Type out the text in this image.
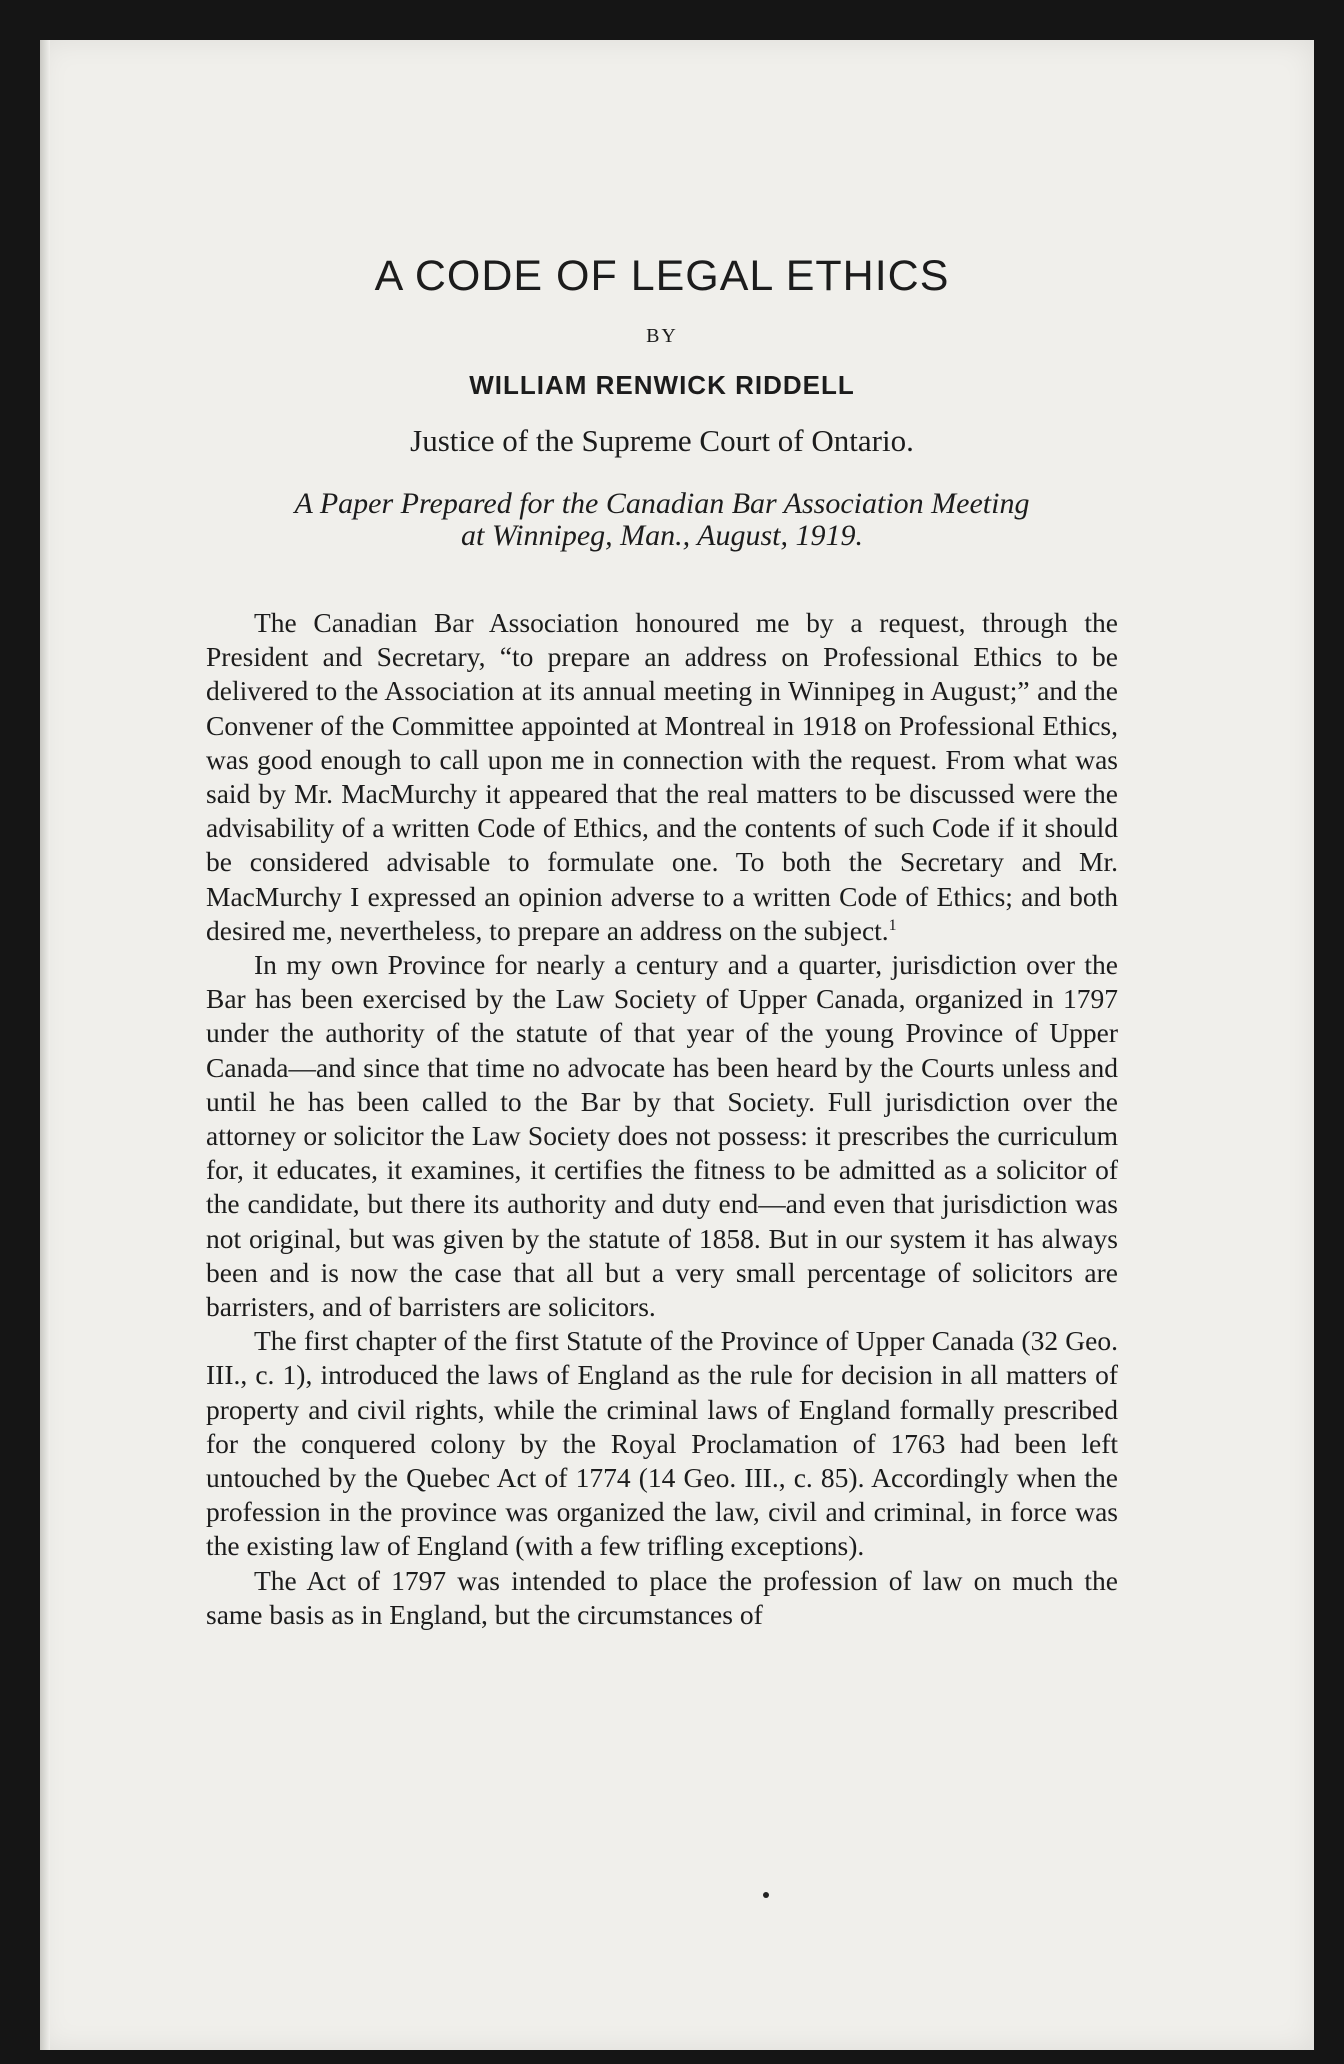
A CODE OF LEGAL ETHICS
BY
WILLIAM RENWICK RIDDELL
Justice of the Supreme Court of Ontario.
A Paper Prepared for the Canadian Bar Association Meeting
at Winnipeg, Man., August, 1919.

The Canadian Bar Association honoured me by a request, through the President and Secretary, “to prepare an address on Professional Ethics to be delivered to the Association at its annual meeting in Winnipeg in August;” and the Convener of the Committee appointed at Montreal in 1918 on Professional Ethics, was good enough to call upon me in connection with the request. From what was said by Mr. MacMurchy it appeared that the real matters to be discussed were the advisability of a written Code of Ethics, and the contents of such Code if it should be considered advisable to formulate one. To both the Secretary and Mr. MacMurchy I expressed an opinion adverse to a written Code of Ethics; and both desired me, nevertheless, to prepare an address on the subject.$^1$

In my own Province for nearly a century and a quarter, jurisdiction over the Bar has been exercised by the Law Society of Upper Canada, organized in 1797 under the authority of the statute of that year of the young Province of Upper Canada—and since that time no advocate has been heard by the Courts unless and until he has been called to the Bar by that Society. Full jurisdiction over the attorney or solicitor the Law Society does not possess: it prescribes the curriculum for, it educates, it examines, it certifies the fitness to be admitted as a solicitor of the candidate, but there its authority and duty end—and even that jurisdiction was not original, but was given by the statute of 1858. But in our system it has always been and is now the case that all but a very small percentage of solicitors are barristers, and of barristers are solicitors.

The first chapter of the first Statute of the Province of Upper Canada (32 Geo. III., c. 1), introduced the laws of England as the rule for decision in all matters of property and civil rights, while the criminal laws of England formally prescribed for the conquered colony by the Royal Proclamation of 1763 had been left untouched by the Quebec Act of 1774 (14 Geo. III., c. 85). Accordingly when the profession in the province was organized the law, civil and criminal, in force was the existing law of England (with a few trifling exceptions).

The Act of 1797 was intended to place the profession of law on much the same basis as in England, but the circumstances of
